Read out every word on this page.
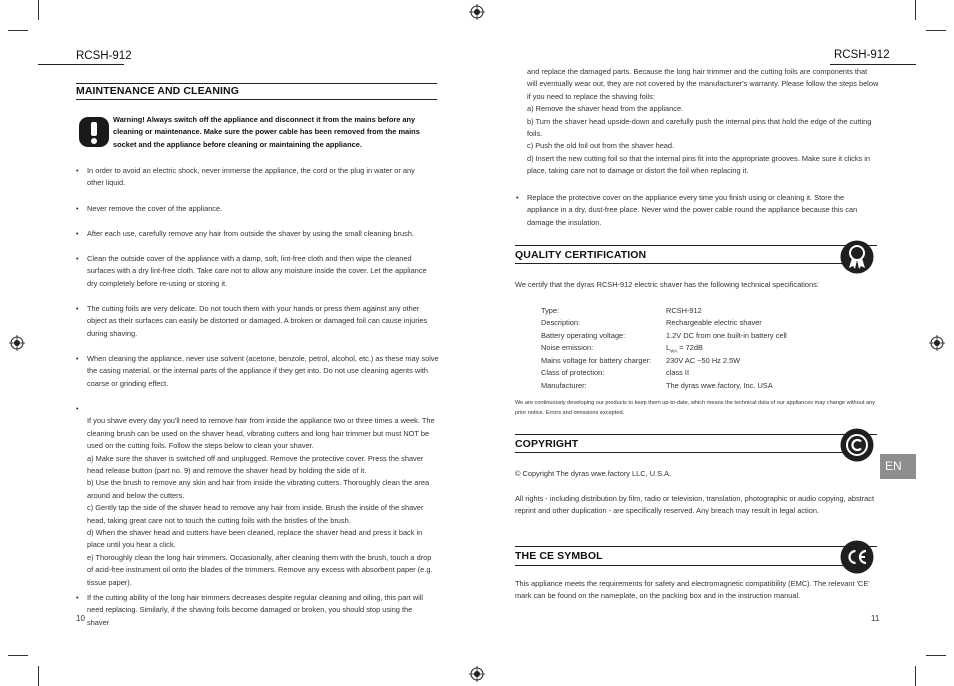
RCSH-912
MAINTENANCE AND CLEANING
Warning! Always switch off the appliance and disconnect it from the mains before any cleaning or maintenance. Make sure the power cable has been removed from the mains socket and the appliance before cleaning or maintaining the appliance.
• In order to avoid an electric shock, never immerse the appliance, the cord or the plug in water or any other liquid.
• Never remove the cover of the appliance.
• After each use, carefully remove any hair from outside the shaver by using the small cleaning brush.
• Clean the outside cover of the appliance with a damp, soft, lint-free cloth and then wipe the cleaned surfaces with a dry lint-free cloth. Take care not to allow any moisture inside the cover. Let the appliance dry completely before re-using or storing it.
• The cutting foils are very delicate. Do not touch them with your hands or press them against any other object as their surfaces can easily be distorted or damaged. A broken or damaged foil can cause injuries during shaving.
• When cleaning the appliance, never use solvent (acetone, benzole, petrol, alcohol, etc.) as these may solve the casing material, or the internal parts of the appliance if they get into. Do not use cleaning agents with coarse or grinding effect.

•
If you shave every day you'll need to remove hair from inside the appliance two or three times a week. The cleaning brush can be used on the shaver head, vibrating cutters and long hair trimmer but must NOT be used on the cutting foils. Follow the steps below to clean your shaver.
a) Make sure the shaver is switched off and unplugged. Remove the protective cover. Press the shaver head release button (part no. 9) and remove the shaver head by holding the side of it.
b) Use the brush to remove any skin and hair from inside the vibrating cutters. Thoroughly clean the area around and below the cutters.
c) Gently tap the side of the shaver head to remove any hair from inside. Brush the inside of the shaver head, taking great care not to touch the cutting foils with the bristles of the brush.
d) When the shaver head and cutters have been cleaned, replace the shaver head and press it back in place until you hear a click.
e) Thoroughly clean the long hair trimmers. Occasionally, after cleaning them with the brush, touch a drop of acid-free instrument oil onto the blades of the trimmers. Remove any excess with absorbent paper (e.g. tissue paper).

• If the cutting ability of the long hair trimmers decreases despite regular cleaning and oiling, this part will need replacing. Similarly, if the shaving foils become damaged or broken, you should stop using the shaver
10
RCSH-912
and replace the damaged parts. Because the long hair trimmer and the cutting foils are components that will eventually wear out, they are not covered by the manufacturer's warranty. Please follow the steps below if you need to replace the shaving foils:
a) Remove the shaver head from the appliance.
b) Turn the shaver head upside-down and carefully push the internal pins that hold the edge of the cutting foils.
c) Push the old foil out from the shaver head.
d) Insert the new cutting foil so that the internal pins fit into the appropriate grooves. Make sure it clicks in place, taking care not to damage or distort the foil when replacing it.
• Replace the protective cover on the appliance every time you finish using or cleaning it. Store the appliance in a dry, dust-free place. Never wind the power cable round the appliance because this can damage the insulation.
QUALITY CERTIFICATION
We certify that the dyras RCSH-912 electric shaver has the following technical specifications:
Type:	RCSH-912
Description:	Rechargeable electric shaver
Battery operating voltage:	1.2V DC from one built-in battery cell
Noise emission:	$L_{WA} = 72dB$
Mains voltage for battery charger: 230V AC ~50 Hz 2.5W
Class of protection:	class II
Manufacturer:	The dyras wwe.factory, Inc. USA
We are continuously developing our products to keep them up-to-date, which means the technical data of our appliances may change without any prior notice. Errors and omissions excepted.
COPYRIGHT
EN
© Copyright The dyras wwe.factory LLC, U.S.A.
All rights - including distribution by film, radio or television, translation, photographic or audio copying, abstract reprint and other duplication - are specifically reserved. Any breach may result in legal action.
THE CE SYMBOL
This appliance meets the requirements for safety and electromagnetic compatibility (EMC). The relevant 'CE' mark can be found on the nameplate, on the packing box and in the instruction manual.
11
